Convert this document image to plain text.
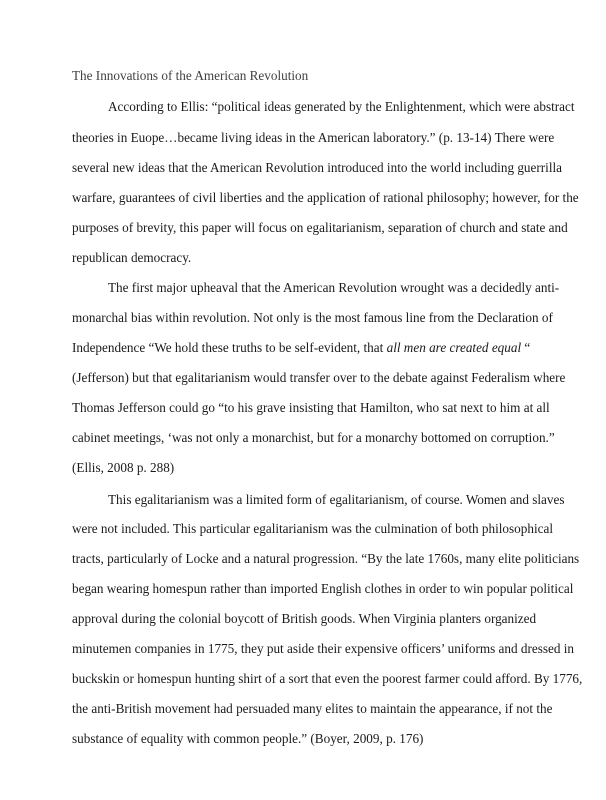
The Innovations of the American Revolution
According to Ellis: “political ideas generated by the Enlightenment, which were abstract
theories in Euope…became living ideas in the American laboratory.” (p. 13-14) There were
several new ideas that the American Revolution introduced into the world including guerrilla
warfare, guarantees of civil liberties and the application of rational philosophy; however, for the
purposes of brevity, this paper will focus on egalitarianism, separation of church and state and
republican democracy.
The first major upheaval that the American Revolution wrought was a decidedly anti-
monarchal bias within revolution. Not only is the most famous line from the Declaration of
Independence “We hold these truths to be self-evident, that all men are created equal “
(Jefferson) but that egalitarianism would transfer over to the debate against Federalism where
Thomas Jefferson could go “to his grave insisting that Hamilton, who sat next to him at all
cabinet meetings, ‘was not only a monarchist, but for a monarchy bottomed on corruption.”
(Ellis, 2008 p. 288)
This egalitarianism was a limited form of egalitarianism, of course. Women and slaves
were not included. This particular egalitarianism was the culmination of both philosophical
tracts, particularly of Locke and a natural progression. “By the late 1760s, many elite politicians
began wearing homespun rather than imported English clothes in order to win popular political
approval during the colonial boycott of British goods. When Virginia planters organized
minutemen companies in 1775, they put aside their expensive officers’ uniforms and dressed in
buckskin or homespun hunting shirt of a sort that even the poorest farmer could afford. By 1776,
the anti-British movement had persuaded many elites to maintain the appearance, if not the
substance of equality with common people.” (Boyer, 2009, p. 176)
